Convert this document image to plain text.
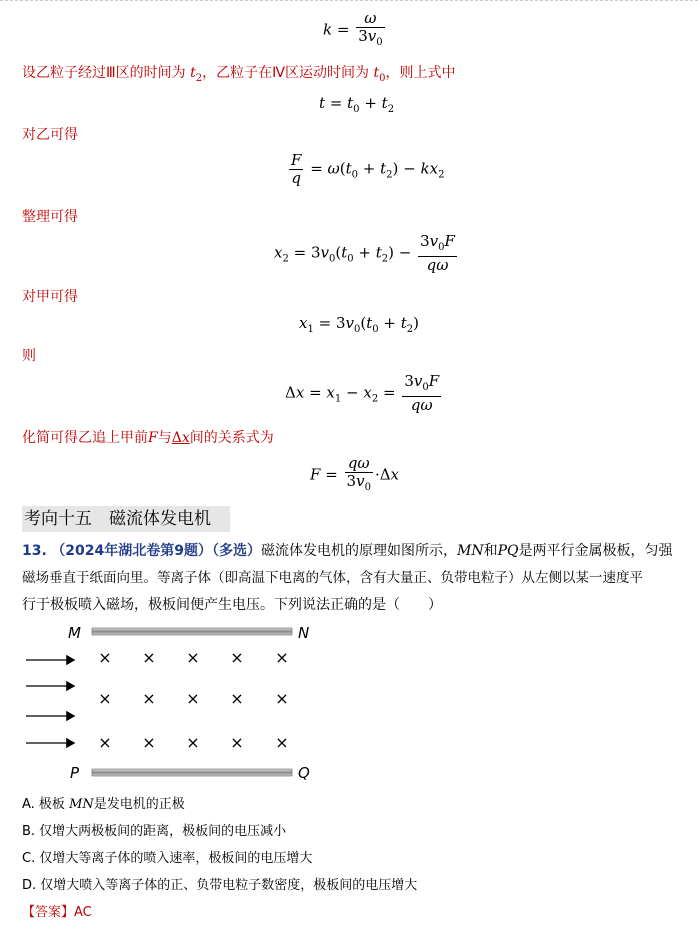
$k = \frac{\omega}{3v_0}$
设乙粒子经过Ⅲ区的时间为 $t_2$，乙粒子在Ⅳ区运动时间为 $t_0$，则上式中
$t = t_0 + t_2$
对乙可得
$\frac{F}{q} = \omega(t_0 + t_2) - kx_2$
整理可得
$x_2 = 3v_0(t_0 + t_2) - \frac{3v_0F}{q\omega}$
对甲可得
$x_1 = 3v_0(t_0 + t_2)$
则
$\Delta x = x_1 - x_2 = \frac{3v_0F}{q\omega}$
化简可得乙追上甲前F与Δx间的关系式为
$F = \frac{q\omega}{3v_0} \cdot\Delta x$
考向十五　磁流体发电机
13. （2024年湖北卷第9题）（多选）磁流体发电机的原理如图所示，MN和PQ是两平行金属极板，匀强
磁场垂直于纸面向里。等离子体（即高温下电离的气体，含有大量正、负带电粒子）从左侧以某一速度平
行于极板喷入磁场，极板间便产生电压。下列说法正确的是（　　）
M	N
× × × × ×
× × × × ×
× × × × ×
P	Q
A. 极板 MN是发电机的正极
B. 仅增大两极板间的距离，极板间的电压减小
C. 仅增大等离子体的喷入速率，极板间的电压增大
D. 仅增大喷入等离子体的正、负带电粒子数密度，极板间的电压增大
【答案】AC
